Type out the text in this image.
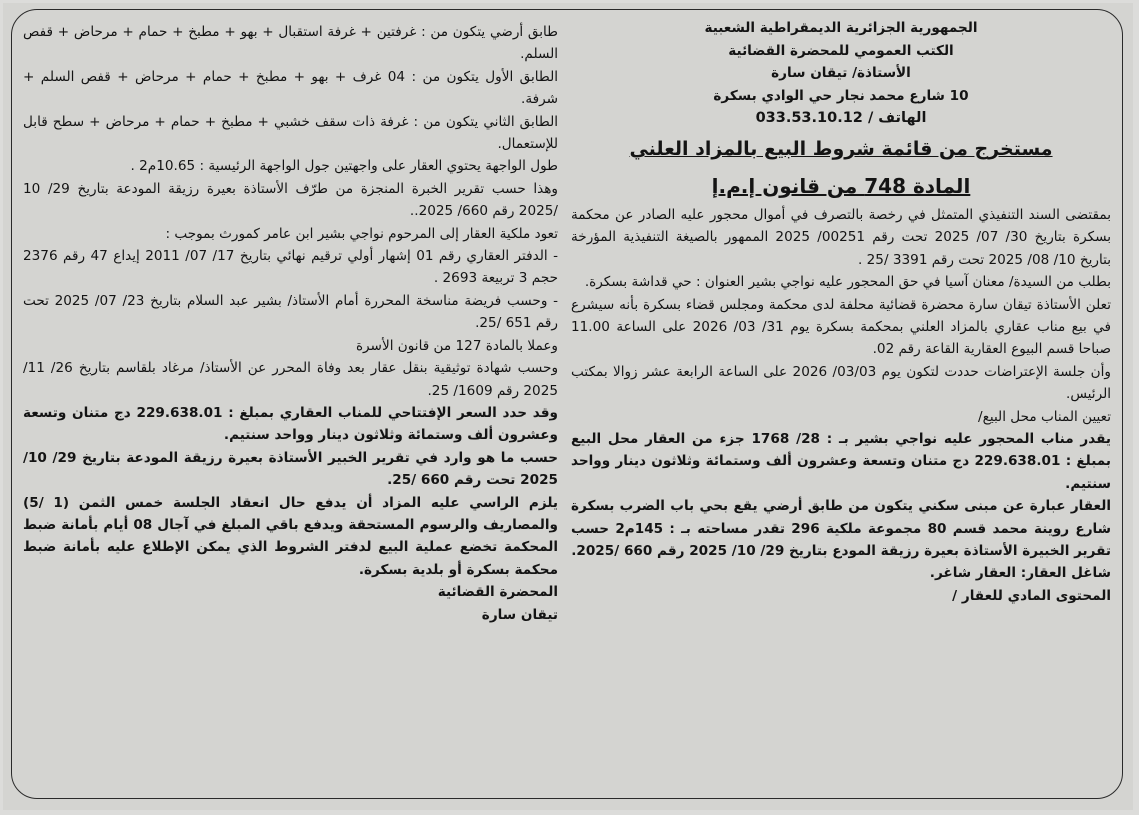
الجمهورية الجزائرية الديمقراطية الشعبية
الكتب العمومي للمحضرة القضائية
الأستاذة/ تيقان سارة
10 شارع محمد نجار حي الوادي بسكرة
الهاتف / 033.53.10.12
مستخرج من قائمة شروط البيع بالمزاد العلني
المادة 748 من قانون إ.م.إ

بمقتضى السند التنفيذي المتمثل في رخصة بالتصرف في أموال محجور عليه الصادر عن محكمة بسكرة بتاريخ 30/ 07/ 2025 تحت رقم 00251/ 2025 الممهور بالصيغة التنفيذية المؤرخة بتاريخ 10/ 08/ 2025 تحت رقم 3391 /25 .

بطلب من السيدة/ معنان آسيا في حق المحجور عليه نواجي بشير العنوان : حي قداشة بسكرة.

تعلن الأستاذة تيقان سارة محضرة قضائية محلفة لدى محكمة ومجلس قضاء بسكرة بأنه سيشرع في بيع مناب عقاري بالمزاد العلني بمحكمة بسكرة يوم 31/ 03/ 2026 على الساعة 11.00 صباحا قسم البيوع العقارية القاعة رقم 02.

وأن جلسة الإعتراضات حددت لتكون يوم 03/03/ 2026 على الساعة الرابعة عشر زوالا بمكتب الرئيس.

تعيين المناب محل البيع/

يقدر مناب المحجور عليه نواجي بشير بـ : 28/ 1768 جزء من العقار محل البيع بمبلغ : 229.638.01 دج متنان وتسعة وعشرون ألف وستمائة وثلاثون دينار وواحد سنتيم.

العقار عبارة عن مبنى سكني يتكون من طابق أرضي يقع بحي باب الضرب بسكرة شارع روينة محمد قسم 80 مجموعة ملكية 296 تقدر مساحته بـ : 145م2 حسب تقرير الخبيرة الأستاذة بعيرة رزيقة المودع بتاريخ 29/ 10/ 2025 رقم 660 /2025.

شاغل العقار: العقار شاغر.

المحتوى المادي للعقار /

طابق أرضي يتكون من : غرفتين + غرفة استقبال + بهو + مطبخ + حمام + مرحاض + قفص السلم.

الطابق الأول يتكون من : 04 غرف + بهو + مطبخ + حمام + مرحاض + قفص السلم + شرفة.

الطابق الثاني يتكون من : غرفة ذات سقف خشبي + مطبخ + حمام + مرحاض + سطح قابل للإستعمال.

طول الواجهة يحتوي العقار على واجهتين جول الواجهة الرئيسية : 10.65م2 .

وهذا حسب تقرير الخبرة المنجزة من طرّف الأستاذة بعيرة رزيقة المودعة بتاريخ 29/ 10 /2025 رقم 660/ 2025..

تعود ملكية العقار إلى المرحوم نواجي بشير ابن عامر كمورث بموجب :

- الدفتر العقاري رقم 01 إشهار أولي ترقيم نهائي بتاريخ 17/ 07/ 2011 إيداع 47 رقم 2376 حجم 3 تربيعة 2693 .

- وحسب فريضة مناسخة المحررة أمام الأستاذ/ بشير عبد السلام بتاريخ 23/ 07/ 2025 تحت رقم 651 /25.

وعملا بالمادة 127 من قانون الأسرة

وحسب شهادة توثيقية بنقل عقار بعد وفاة المحرر عن الأستاذ/ مرغاد بلقاسم بتاريخ 26/ 11/ 2025 رقم 1609/ 25.

وقد حدد السعر الإفتتاحي للمناب العقاري بمبلغ : 229.638.01 دج متنان وتسعة وعشرون ألف وستمائة وثلاثون دينار وواحد سنتيم.

حسب ما هو وارد في تقرير الخبير الأستاذة بعيرة رزيقة المودعة بتاريخ 29/ 10/ 2025 تحت رقم 660 /25.

يلزم الراسي عليه المزاد أن يدفع حال انعقاد الجلسة خمس الثمن (1 /5) والمصاريف والرسوم المستحقة ويدفع باقي المبلغ في آجال 08 أيام بأمانة ضبط المحكمة تخضع عملية البيع لدفتر الشروط الذي يمكن الإطلاع عليه بأمانة ضبط محكمة بسكرة أو بلدية بسكرة.

المحضرة القضائية
تيقان سارة
